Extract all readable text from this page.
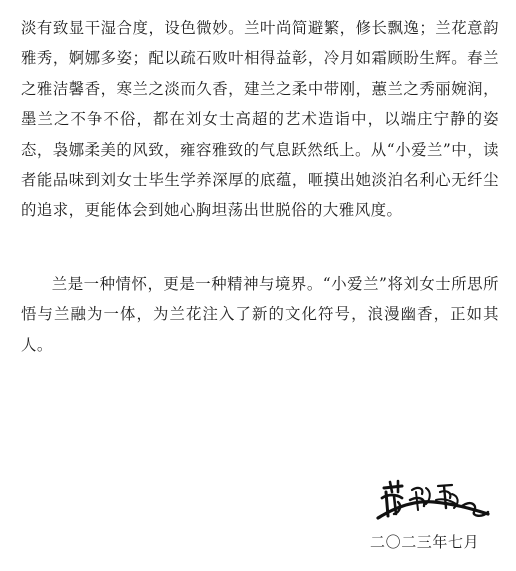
淡有致显干湿合度，设色微妙。兰叶尚简避繁，修长飘逸；兰花意韵雅秀，婀娜多姿；配以疏石败叶相得益彰，冷月如霜顾盼生辉。春兰之雅洁馨香，寒兰之淡而久香，建兰之柔中带刚，蕙兰之秀丽婉润，墨兰之不争不俗，都在刘女士高超的艺术造诣中，以端庄宁静的姿态，袅娜柔美的风致，雍容雅致的气息跃然纸上。从“小爱兰”中，读者能品味到刘女士毕生学养深厚的底蕴，咂摸出她淡泊名利心无纤尘的追求，更能体会到她心胸坦荡出世脱俗的大雅风度。

兰是一种情怀，更是一种精神与境界。“小爱兰”将刘女士所思所悟与兰融为一体，为兰花注入了新的文化符号，浪漫幽香，正如其人。

二〇二三年七月
